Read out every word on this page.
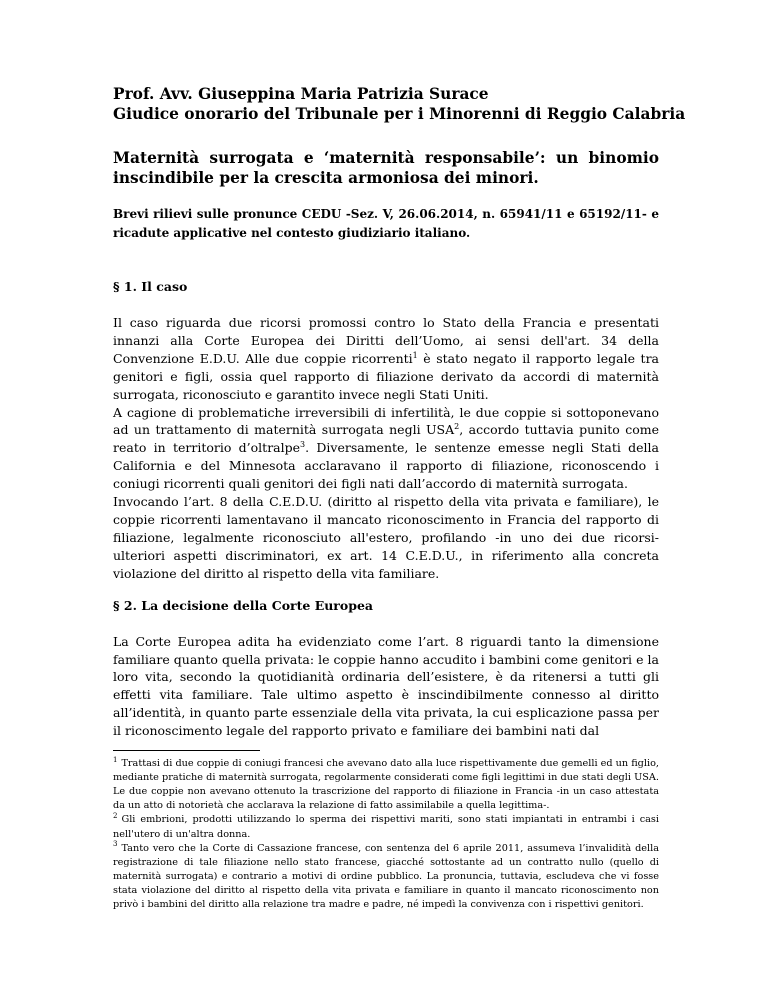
Prof. Avv. Giuseppina Maria Patrizia Surace

Giudice onorario del Tribunale per i Minorenni di Reggio Calabria

Maternità surrogata e ‘maternità responsabile’: un binomio inscindibile per la crescita armoniosa dei minori.

Brevi rilievi sulle pronunce CEDU -Sez. V, 26.06.2014, n. 65941/11 e 65192/11- e ricadute applicative nel contesto giudiziario italiano.

§ 1. Il caso

Il caso riguarda due ricorsi promossi contro lo Stato della Francia e presentati innanzi alla Corte Europea dei Diritti dell’Uomo, ai sensi dell'art. 34 della Convenzione E.D.U. Alle due coppie ricorrenti$^1$ è stato negato il rapporto legale tra genitori e figli, ossia quel rapporto di filiazione derivato da accordi di maternità surrogata, riconosciuto e garantito invece negli Stati Uniti.

A cagione di problematiche irreversibili di infertilità, le due coppie si sottoponevano ad un trattamento di maternità surrogata negli USA$^2$, accordo tuttavia punito come reato in territorio d’oltralpe$^3$. Diversamente, le sentenze emesse negli Stati della California e del Minnesota acclaravano il rapporto di filiazione, riconoscendo i coniugi ricorrenti quali genitori dei figli nati dall’accordo di maternità surrogata.

Invocando l’art. 8 della C.E.D.U. (diritto al rispetto della vita privata e familiare), le coppie ricorrenti lamentavano il mancato riconoscimento in Francia del rapporto di filiazione, legalmente riconosciuto all'estero, profilando -in uno dei due ricorsi- ulteriori aspetti discriminatori, ex art. 14 C.E.D.U., in riferimento alla concreta violazione del diritto al rispetto della vita familiare.

§ 2. La decisione della Corte Europea

La Corte Europea adita ha evidenziato come l’art. 8 riguardi tanto la dimensione familiare quanto quella privata: le coppie hanno accudito i bambini come genitori e la loro vita, secondo la quotidianità ordinaria dell’esistere, è da ritenersi a tutti gli effetti vita familiare. Tale ultimo aspetto è inscindibilmente connesso al diritto all’identità, in quanto parte essenziale della vita privata, la cui esplicazione passa per il riconoscimento legale del rapporto privato e familiare dei bambini nati dal

$^1$ Trattasi di due coppie di coniugi francesi che avevano dato alla luce rispettivamente due gemelli ed un figlio, mediante pratiche di maternità surrogata, regolarmente considerati come figli legittimi in due stati degli USA. Le due coppie non avevano ottenuto la trascrizione del rapporto di filiazione in Francia -in un caso attestata da un atto di notorietà che acclarava la relazione di fatto assimilabile a quella legittima-.

$^2$ Gli embrioni, prodotti utilizzando lo sperma dei rispettivi mariti, sono stati impiantati in entrambi i casi nell'utero di un'altra donna.

$^3$ Tanto vero che la Corte di Cassazione francese, con sentenza del 6 aprile 2011, assumeva l’invalidità della registrazione di tale filiazione nello stato francese, giacché sottostante ad un contratto nullo (quello di maternità surrogata) e contrario a motivi di ordine pubblico. La pronuncia, tuttavia, escludeva che vi fosse stata violazione del diritto al rispetto della vita privata e familiare in quanto il mancato riconoscimento non privò i bambini del diritto alla relazione tra madre e padre, né impedì la convivenza con i rispettivi genitori.
